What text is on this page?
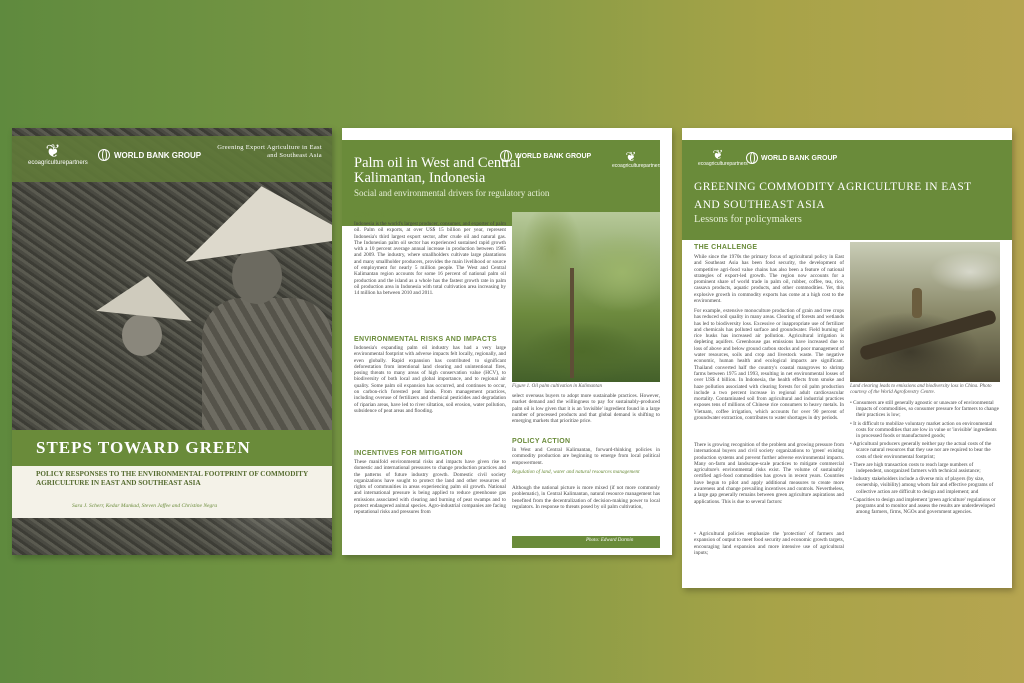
❦
ecoagriculturepartners
WORLD BANK GROUP
Greening Export Agriculture in East and Southeast Asia
STEPS TOWARD GREEN
POLICY RESPONSES TO THE ENVIRONMENTAL FOOTPRINT OF COMMODITY AGRICULTURE IN EAST AND SOUTHEAST ASIA
Sara J. Scherr, Kedar Mankad, Steven Jaffee and Christine Negra
Palm oil in West and Central Kalimantan, Indonesia
Social and environmental drivers for regulatory action
WORLD BANK GROUP	❦
ecoagriculturepartners
CONTEXT
Indonesia is the world's largest producer, consumer, and exporter of palm oil. Palm oil exports, at over US$ 15 billion per year, represent Indonesia's third largest export sector, after crude oil and natural gas. The Indonesian palm oil sector has experienced sustained rapid growth with a 10 percent average annual increase in production between 1985 and 2009. The industry, where smallholders cultivate large plantations and many smallholder producers, provides the main livelihood or source of employment for nearly 5 million people. The West and Central Kalimantan region accounts for some 16 percent of national palm oil production and the island as a whole has the fastest growth rate in palm oil production area in Indonesia with total cultivation area increasing by 14 million ha between 2010 and 2011.
ENVIRONMENTAL RISKS AND IMPACTS
Indonesia's expanding palm oil industry has had a very large environmental footprint with adverse impacts felt locally, regionally, and even globally. Rapid expansion has contributed to significant deforestation from intentional land clearing and unintentional fires, posing threats to many areas of high conservation value (HCV), to biodiversity of both local and global importance, and to regional air quality. Some palm oil expansion has occurred, and continues to occur, on carbon-rich forested peat lands. From management practices, including overuse of fertilizers and chemical pesticides and degradation of riparian areas, have led to river siltation, soil erosion, water pollution, subsidence of peat areas and flooding.
INCENTIVES FOR MITIGATION
These manifold environmental risks and impacts have given rise to domestic and international pressures to change production practices and the patterns of future industry growth. Domestic civil society organizations have sought to protect the land and other resources of rights of communities in areas experiencing palm oil growth. National and international pressure is being applied to reduce greenhouse gas emissions associated with clearing and burning of peat swamps and to protect endangered animal species. Agro-industrial companies are facing reputational risks and pressures from
Figure 1. Oil palm cultivation in Kalimantan
select overseas buyers to adopt more sustainable practices. However, market demand and the willingness to pay for sustainably-produced palm oil is low given that it is an 'invisible' ingredient found in a large number of processed products and that global demand is shifting to emerging markets that prioritize price.
POLICY ACTION
In West and Central Kalimantan, forward-thinking policies in commodity production are beginning to emerge from local political empowerment.
Regulation of land, water and natural resources management
Although the national picture is more mixed (if not more commonly problematic), in Central Kalimantan, natural resource management has benefited from the decentralization of decision-making power to local regulators. In response to threats posed by oil palm cultivation,
Photo: Edward Darmin
❦
ecoagriculturepartners
WORLD BANK GROUP
GREENING COMMODITY AGRICULTURE IN EAST AND SOUTHEAST ASIA
Lessons for policymakers
THE CHALLENGE
While since the 1970s the primary focus of agricultural policy in East and Southeast Asia has been food security, the development of competitive agri-food value chains has also been a feature of national strategies of export-led growth. The region now accounts for a prominent share of world trade in palm oil, rubber, coffee, tea, rice, cassava products, aquatic products, and other commodities. Yet, this explosive growth in commodity exports has come at a high cost to the environment.
For example, extensive monoculture production of grain and tree crops has reduced soil quality in many areas. Clearing of forests and wetlands has led to biodiversity loss. Excessive or inappropriate use of fertilizer and chemicals has polluted surface and groundwater. Field burning of rice husks has increased air pollution. Agricultural irrigation is depleting aquifers. Greenhouse gas emissions have increased due to loss of above and below ground carbon stocks and poor management of water resources, soils and crop and livestock waste. The negative economic, human health and ecological impacts are significant. Thailand converted half the country's coastal mangroves to shrimp farms between 1975 and 1993, resulting in net environmental losses of over US$ 4 billion. In Indonesia, the health effects from smoke and haze pollution associated with clearing forests for oil palm production include a two percent increase in regional adult cardiovascular mortality. Contaminated soil from agricultural and industrial practices exposes tens of millions of Chinese rice consumers to heavy metals. In Vietnam, coffee irrigation, which accounts for over 90 percent of groundwater extraction, contributes to water shortages in dry periods.
There is growing recognition of the problem and growing pressure from international buyers and civil society organizations to 'green' existing production systems and prevent further adverse environmental impacts. Many on-farm and landscape-scale practices to mitigate commercial agriculture's environmental risks exist. The volume of sustainably certified agri-food commodities has grown in recent years. Countries have begun to pilot and apply additional measures to create more awareness and change prevailing incentives and controls. Nevertheless, a large gap generally remains between green agriculture aspirations and applications. This is due to several factors:
• Agricultural policies emphasize the 'protection' of farmers and expansion of output to meet food security and economic growth targets, encouraging land expansion and more intensive use of agricultural inputs;
Land clearing leads to emissions and biodiversity loss in China. Photo courtesy of the World Agroforestry Centre.
• Consumers are still generally agnostic or unaware of environmental impacts of commodities, so consumer pressure for farmers to change their practices is low;
• It is difficult to mobilize voluntary market action on environmental costs for commodities that are low in value or 'invisible' ingredients in processed foods or manufactured goods;
• Agricultural producers generally neither pay the actual costs of the scarce natural resources that they use nor are required to bear the costs of their environmental footprint;
• There are high transaction costs to reach large numbers of independent, unorganized farmers with technical assistance;
• Industry stakeholders include a diverse mix of players (by size, ownership, visibility) among whom fair and effective programs of collective action are difficult to design and implement; and
• Capacities to design and implement 'green agriculture' regulations or programs and to monitor and assess the results are underdeveloped among farmers, firms, NGOs and government agencies.
